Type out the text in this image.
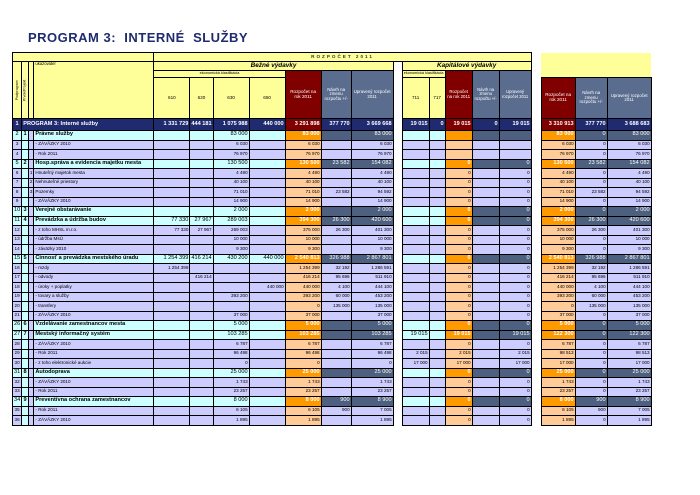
PROGRAM 3:  INTERNÉ  SLUŽBY
				ROZPOČET 2011																
Podprogram	Prvok/Projekt		ukazovateľ	Bežné výdavky								Kapitálové výdavky								
				ekonomická klasifikácia				Rozpočet na rok 2011	Návrh na zmenu rozpočtu +/-	Upravený rozpočet 2011		ekonomická klasifikácia		Rozpočet na rok 2011	Návrh na zmenu rozpočtu +/-	Upravený rozpočet 2011				
				610	620	630	650					711	717					Rozpočet na rok 2011	Návrh na zmenu rozpočtu +/-	Upravený rozpočet 2011
1	PROGRAM 3: Interné služby			1 331 729	444 181	1 075 988	440 000	3 291 898	377 770	3 669 668		19 015	0	19 015	0	19 015		3 310 913	377 770	3 688 683
2	1		Právne služby			83 000		83 000		83 000								83 000	0	83 000
3			- ZÁVÄZKY 2010			6 030		6 030		6 030								6 030	0	6 030
4			- Rok 2011			76 970		76 970		76 970								76 970	0	76 970
5	2		Hosp.správa a evidencia majetku mesta			130 500		130 500	23 582	154 082				0		0		130 500	23 582	154 082
6		1	Hnuteľný majetok mesta			4 490		4 490		4 490				0		0		4 490	0	4 490
7		2	Nehnuteľné priestory			40 100		40 100		40 100				0		0		40 100	0	40 100
8		3	Pozemky			71 010		71 010	23 582	94 592				0		0		71 010	23 582	94 592
9			- ZÁVÄZKY 2010			14 900		14 900		14 900				0		0		14 900	0	14 900
10	3		Verejné obstarávanie			2 000		2 000		2 000				0		0		2 000	0	2 000
11	4		Prevádzka a údržba budov	77 330	27 967	289 003		394 300	26 300	420 600				0		0		394 300	26 300	420 600
12			- z toho MHSL m.r.o.	77 330	27 967	269 003		375 000	26 300	401 300				0		0		375 000	26 300	401 300
13			- údržba MsÚ			10 000		10 000		10 000				0		0		10 000	0	10 000
14			- záväzky 2010			9 300		9 300		9 300				0		0		9 300	0	9 300
15	5		Činnosť a prevádzka mestského úradu	1 254 399	416 214	430 200	440 000	2 540 813	326 988	2 867 801				0		0		2 540 813	326 988	2 867 801
16			- mzdy	1 254 399				1 254 399	32 192	1 286 591				0		0		1 254 399	32 192	1 286 591
17			- odvody		416 214			416 214	95 696	511 910				0		0		416 214	95 696	511 910
18			- úroky + poplatky				440 000	440 000	4 100	444 100				0		0		440 000	4 100	444 100
19			- tovary a služby			393 200		393 200	60 000	453 200				0		0		393 200	60 000	453 200
20			- transfery					0	135 000	135 000				0		0		0	135 000	135 000
21			- ZÁVÄZKY 2010			37 000		37 000		37 000				0		0		37 000	0	37 000
26	6		Vzdelávanie zamestnancov mesta			5 000		5 000		5 000				0		0		5 000	0	5 000
27	7		Mestský informačný systém			103 285		103 285		103 285		19 015		19 015		19 015		122 300	0	122 300
28			- ZÁVÄZKY 2010			6 787		6 787		6 787				0		0		6 787	0	6 787
29			- Rok 2011			96 498		96 498		96 498		2 015		2 015		2 015		98 513	0	98 513
30			- z toho elektronické aukcie			0		0		0		17 000		17 000		17 000		17 000	0	17 000
31	8		Autodoprava			25 000		25 000		25 000				0		0		25 000	0	25 000
32			- ZÁVÄZKY 2010			1 743		1 743		1 743				0		0		1 743	0	1 743
33			- Rok 2011			23 257		23 257		23 257				0		0		23 257	0	23 257
34	9		Preventívna ochrana zamestnancov			8 000		8 000	900	8 900				0		0		8 000	900	8 900
35			- Rok 2011			6 105		6 105	900	7 005				0		0		6 105	900	7 005
36			- ZÁVÄZKY 2010			1 895		1 895		1 895				0		0		1 895	0	1 895
